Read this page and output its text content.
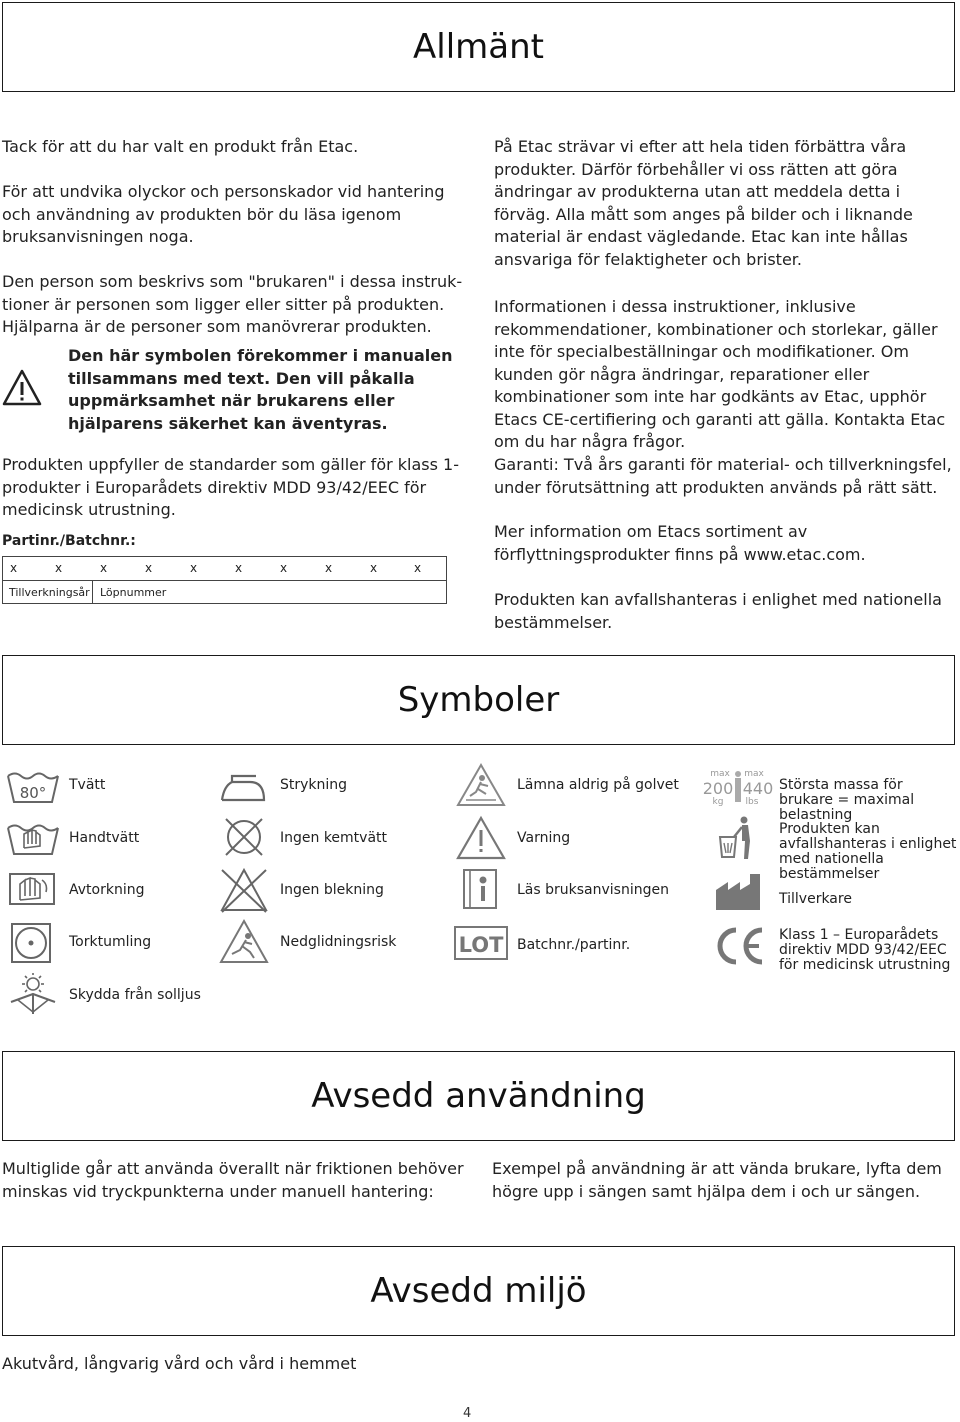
Allmänt

Tack för att du har valt en produkt från Etac.

För att undvika olyckor och personskador vid hantering och användning av produkten bör du läsa igenom bruksanvisningen noga.

Den person som beskrivs som "brukaren" i dessa instruk-
tioner är personen som ligger eller sitter på produkten.
Hjälparna är de personer som manövrerar produkten.

Den här symbolen förekommer i manualen tillsammans med text. Den vill påkalla uppmärksamhet när brukarens eller hjälparens säkerhet kan äventyras.

Produkten uppfyller de standarder som gäller för klass 1-produkter i Europarådets direktiv MDD 93/42/EEC för medicinsk utrustning.

Partinr./Batchnr.:

x	x	x	x	x	x	x	x	x	x
Tillverkningsår Löpnummer

På Etac strävar vi efter att hela tiden förbättra våra produkter. Därför förbehåller vi oss rätten att göra ändringar av produkterna utan att meddela detta i förväg. Alla mått som anges på bilder och i liknande material är endast vägledande. Etac kan inte hållas ansvariga för felaktigheter och brister.

Informationen i dessa instruktioner, inklusive rekommendationer, kombinationer och storlekar, gäller inte för specialbeställningar och modifikationer. Om kunden gör några ändringar, reparationer eller kombinationer som inte har godkänts av Etac, upphör Etacs CE-certifiering och garanti att gälla. Kontakta Etac om du har några frågor.

Garanti: Två års garanti för material- och tillverkningsfel, under förutsättning att produkten används på rätt sätt.

Mer information om Etacs sortiment av förflyttningsprodukter finns på www.etac.com.

Produkten kan avfallshanteras i enlighet med nationella bestämmelser.

Symboler
80° Tvätt
Handtvätt
Avtorkning
Torktumling
Skydda från solljus
Strykning
Ingen kemtvätt
Ingen blekning
Nedglidningsrisk
Lämna aldrig på golvet
Varning
Läs bruksanvisningen
LOT Batchnr./partinr.
max
200
kg
max
440
lbs
Största massa för brukare = maximal belastning
Produkten kan avfallshanteras i enlighet med nationella bestämmelser
Tillverkare
Klass 1 – Europarådets direktiv MDD 93/42/EEC för medicinsk utrustning
Avsedd användning

Multiglide går att använda överallt när friktionen behöver minskas vid tryckpunkterna under manuell hantering:

Exempel på användning är att vända brukare, lyfta dem högre upp i sängen samt hjälpa dem i och ur sängen.

Avsedd miljö

Akutvård, långvarig vård och vård i hemmet

4
